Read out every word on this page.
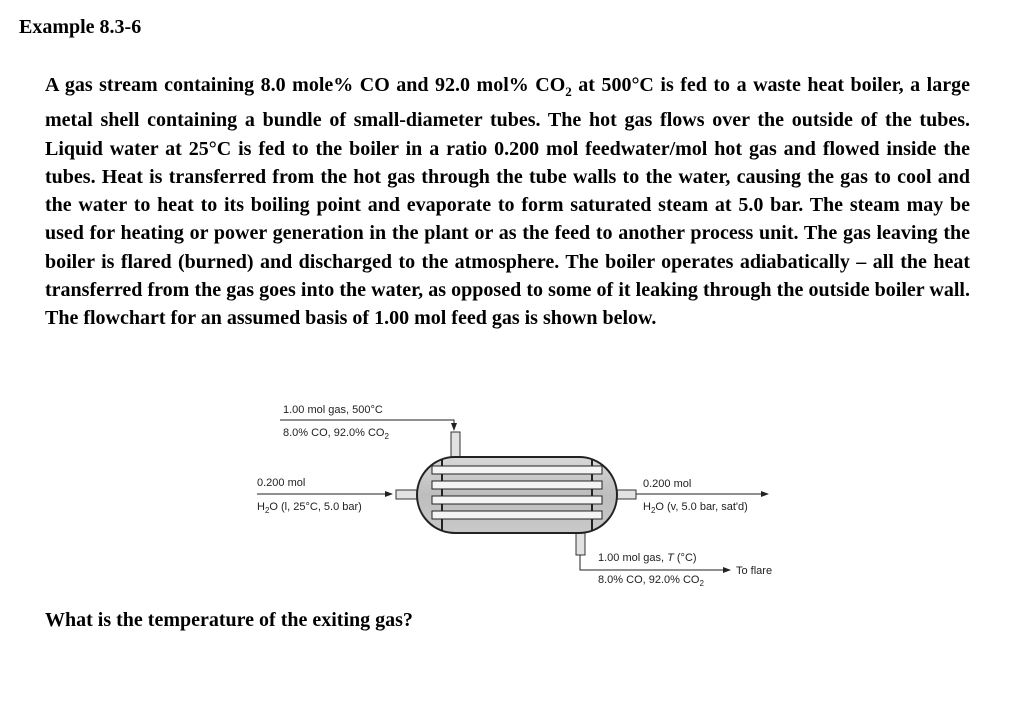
Example 8.3-6

A gas stream containing 8.0 mole% CO and 92.0 mol% $CO_2$ at 500°C is fed to a waste heat boiler, a large metal shell containing a bundle of small-diameter tubes. The hot gas flows over the outside of the tubes. Liquid water at 25°C is fed to the boiler in a ratio 0.200 mol feedwater/mol hot gas and flowed inside the tubes. Heat is transferred from the hot gas through the tube walls to the water, causing the gas to cool and the water to heat to its boiling point and evaporate to form saturated steam at 5.0 bar. The steam may be used for heating or power generation in the plant or as the feed to another process unit. The gas leaving the boiler is flared (burned) and discharged to the atmosphere. The boiler operates adiabatically – all the heat transferred from the gas goes into the water, as opposed to some of it leaking through the outside boiler wall. The flowchart for an assumed basis of 1.00 mol feed gas is shown below.

1.00 mol gas, 500°C
8.0% CO, 92.0% $CO_2$
0.200 mol
$H_2O$ (l, 25°C, 5.0 bar)
0.200 mol
$H_2O$ (v, 5.0 bar, sat'd)
1.00 mol gas, T (°C)
8.0% CO, 92.0% $CO_2$
To flare
What is the temperature of the exiting gas?
